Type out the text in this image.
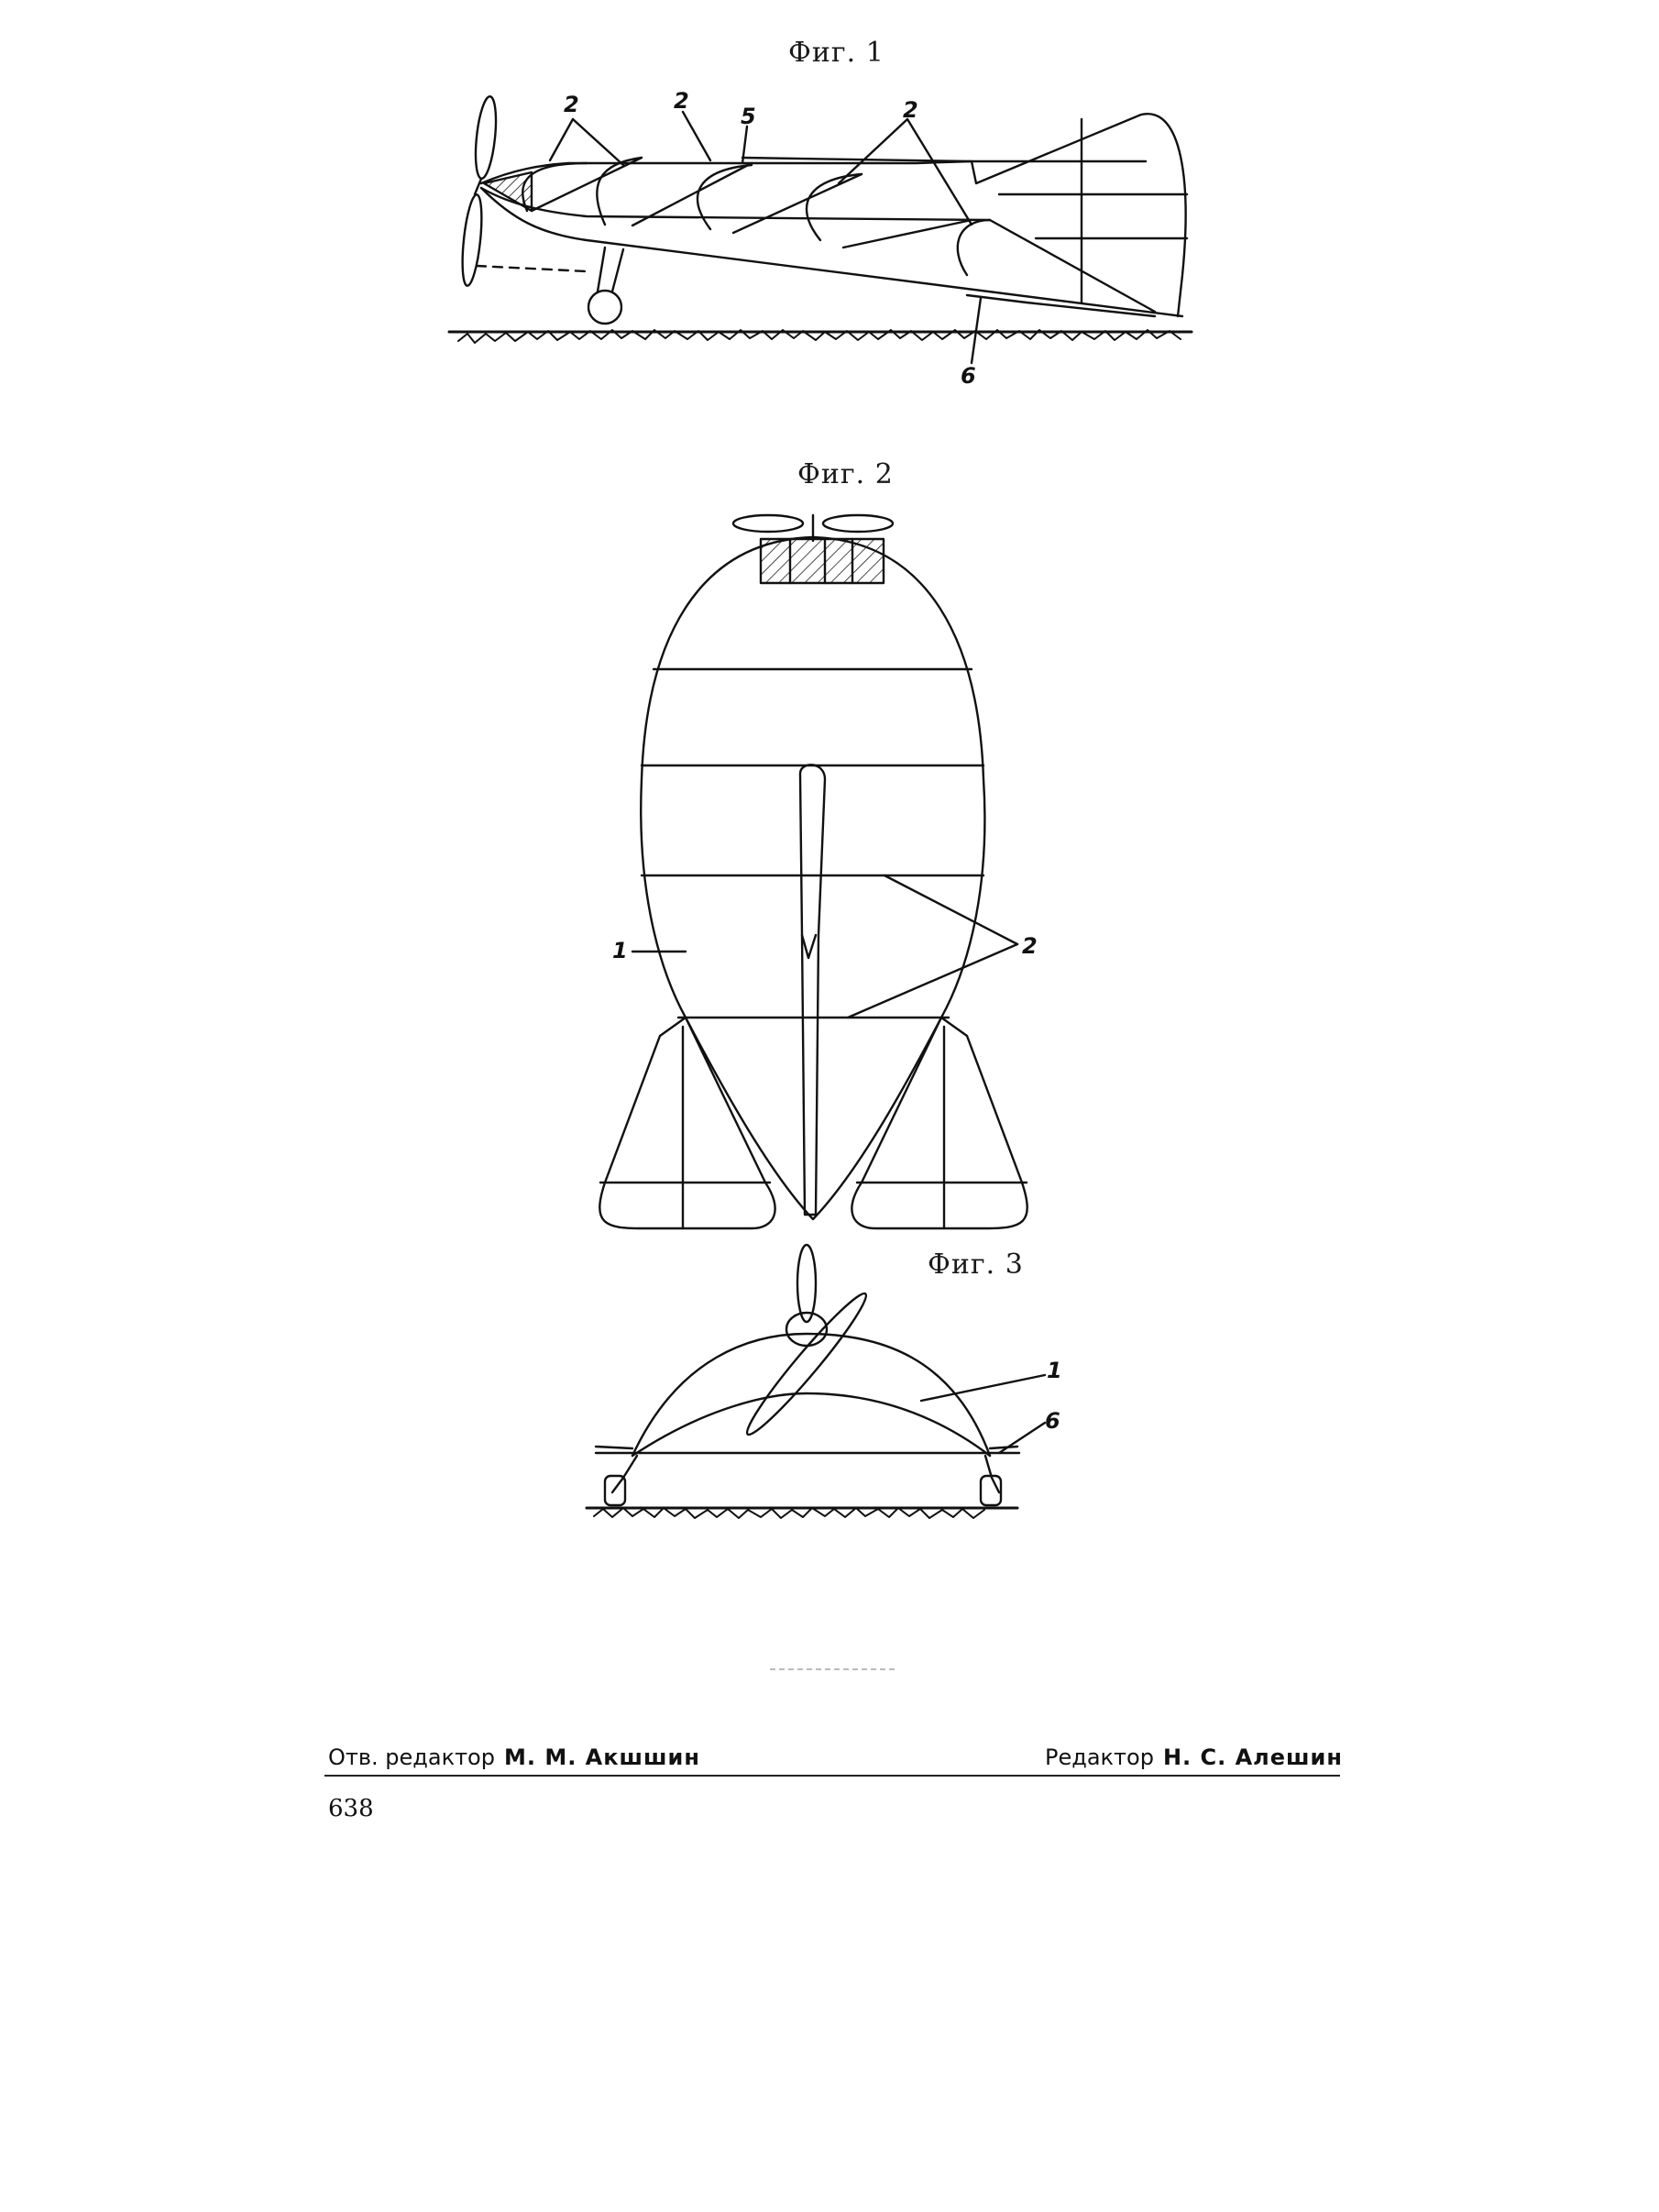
Фиг. 1
Фиг. 2
Фиг. 3
2	2
5	2
6
1	2
1
6
Отв. редактор М. М. Акшшин	Редактор Н. С. Алешин
638
